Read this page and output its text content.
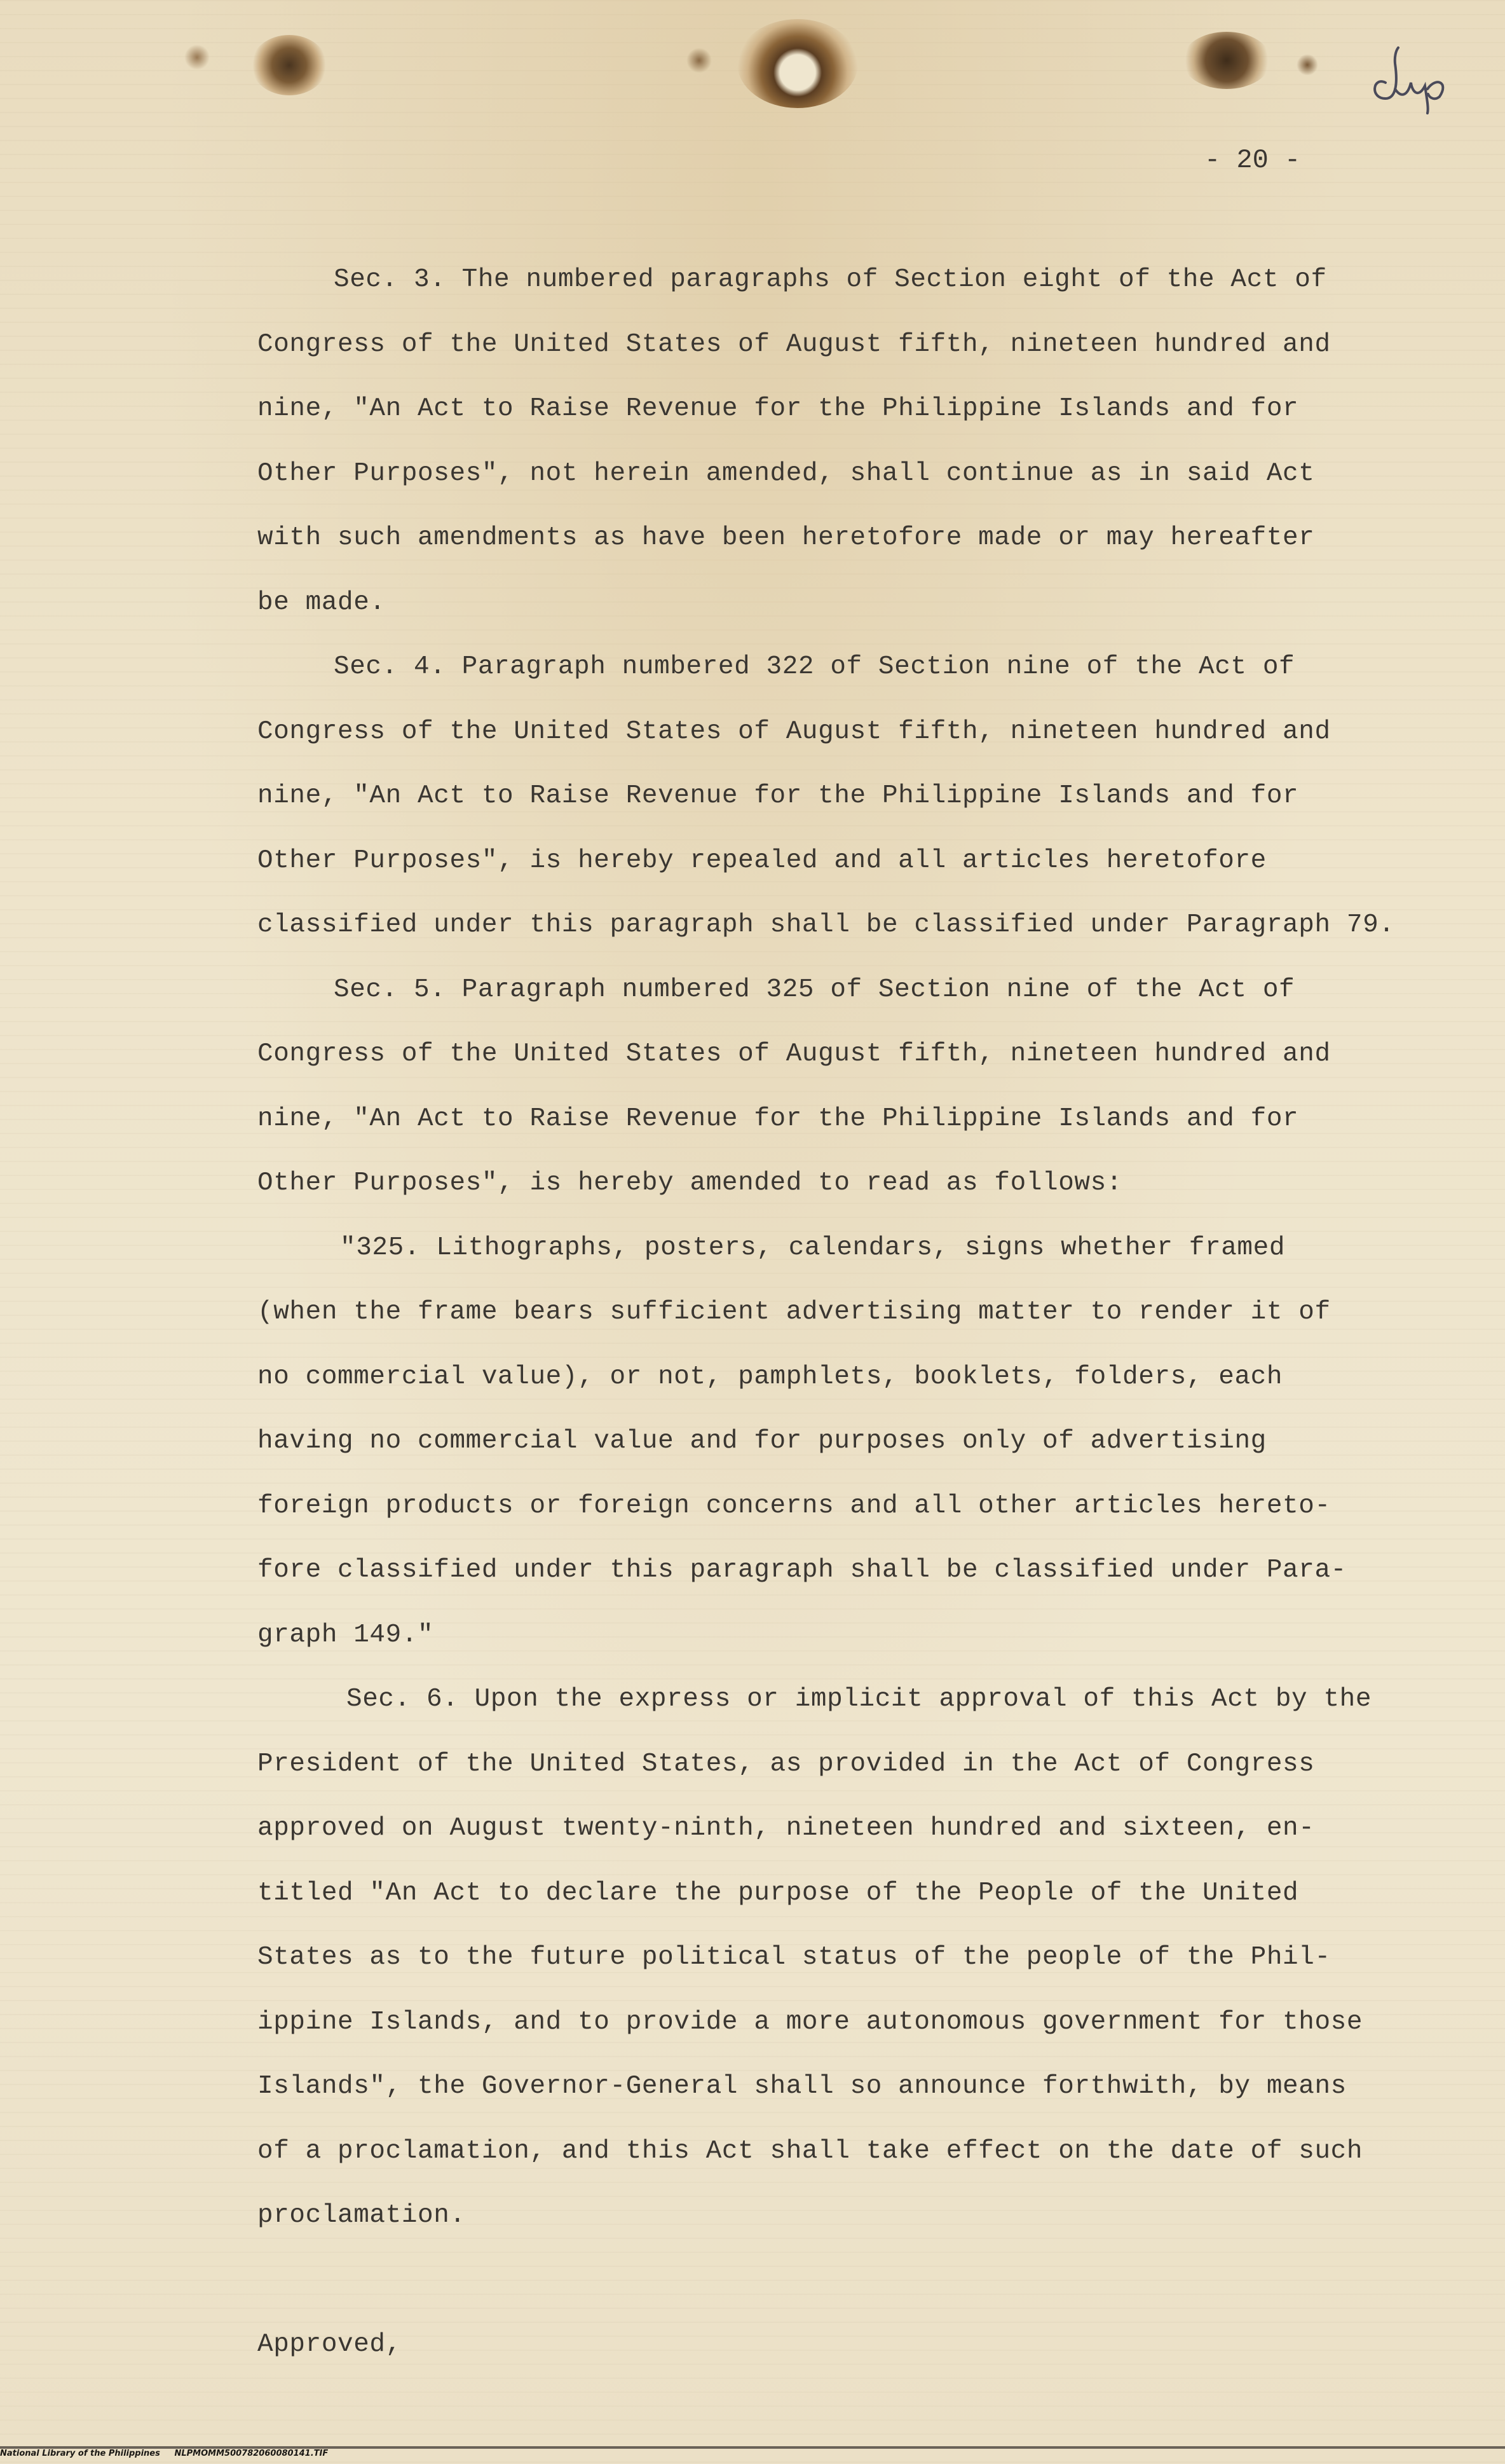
- 20 -
Sec. 3. The numbered paragraphs of Section eight of the Act of
Congress of the United States of August fifth, nineteen hundred and
nine, "An Act to Raise Revenue for the Philippine Islands and for
Other Purposes", not herein amended, shall continue as in said Act
with such amendments as have been heretofore made or may hereafter
be made.
Sec. 4. Paragraph numbered 322 of Section nine of the Act of
Congress of the United States of August fifth, nineteen hundred and
nine, "An Act to Raise Revenue for the Philippine Islands and for
Other Purposes", is hereby repealed and all articles heretofore
classified under this paragraph shall be classified under Paragraph 79.
Sec. 5. Paragraph numbered 325 of Section nine of the Act of
Congress of the United States of August fifth, nineteen hundred and
nine, "An Act to Raise Revenue for the Philippine Islands and for
Other Purposes", is hereby amended to read as follows:
"325. Lithographs, posters, calendars, signs whether framed
(when the frame bears sufficient advertising matter to render it of
no commercial value), or not, pamphlets, booklets, folders, each
having no commercial value and for purposes only of advertising
foreign products or foreign concerns and all other articles hereto-
fore classified under this paragraph shall be classified under Para-
graph 149."
Sec. 6. Upon the express or implicit approval of this Act by the
President of the United States, as provided in the Act of Congress
approved on August twenty-ninth, nineteen hundred and sixteen, en-
titled "An Act to declare the purpose of the People of the United
States as to the future political status of the people of the Phil-
ippine Islands, and to provide a more autonomous government for those
Islands", the Governor-General shall so announce forthwith, by means
of a proclamation, and this Act shall take effect on the date of such
proclamation.
Approved,
National Library of the Philippines     NLPMOMM500782060080141.TIF
